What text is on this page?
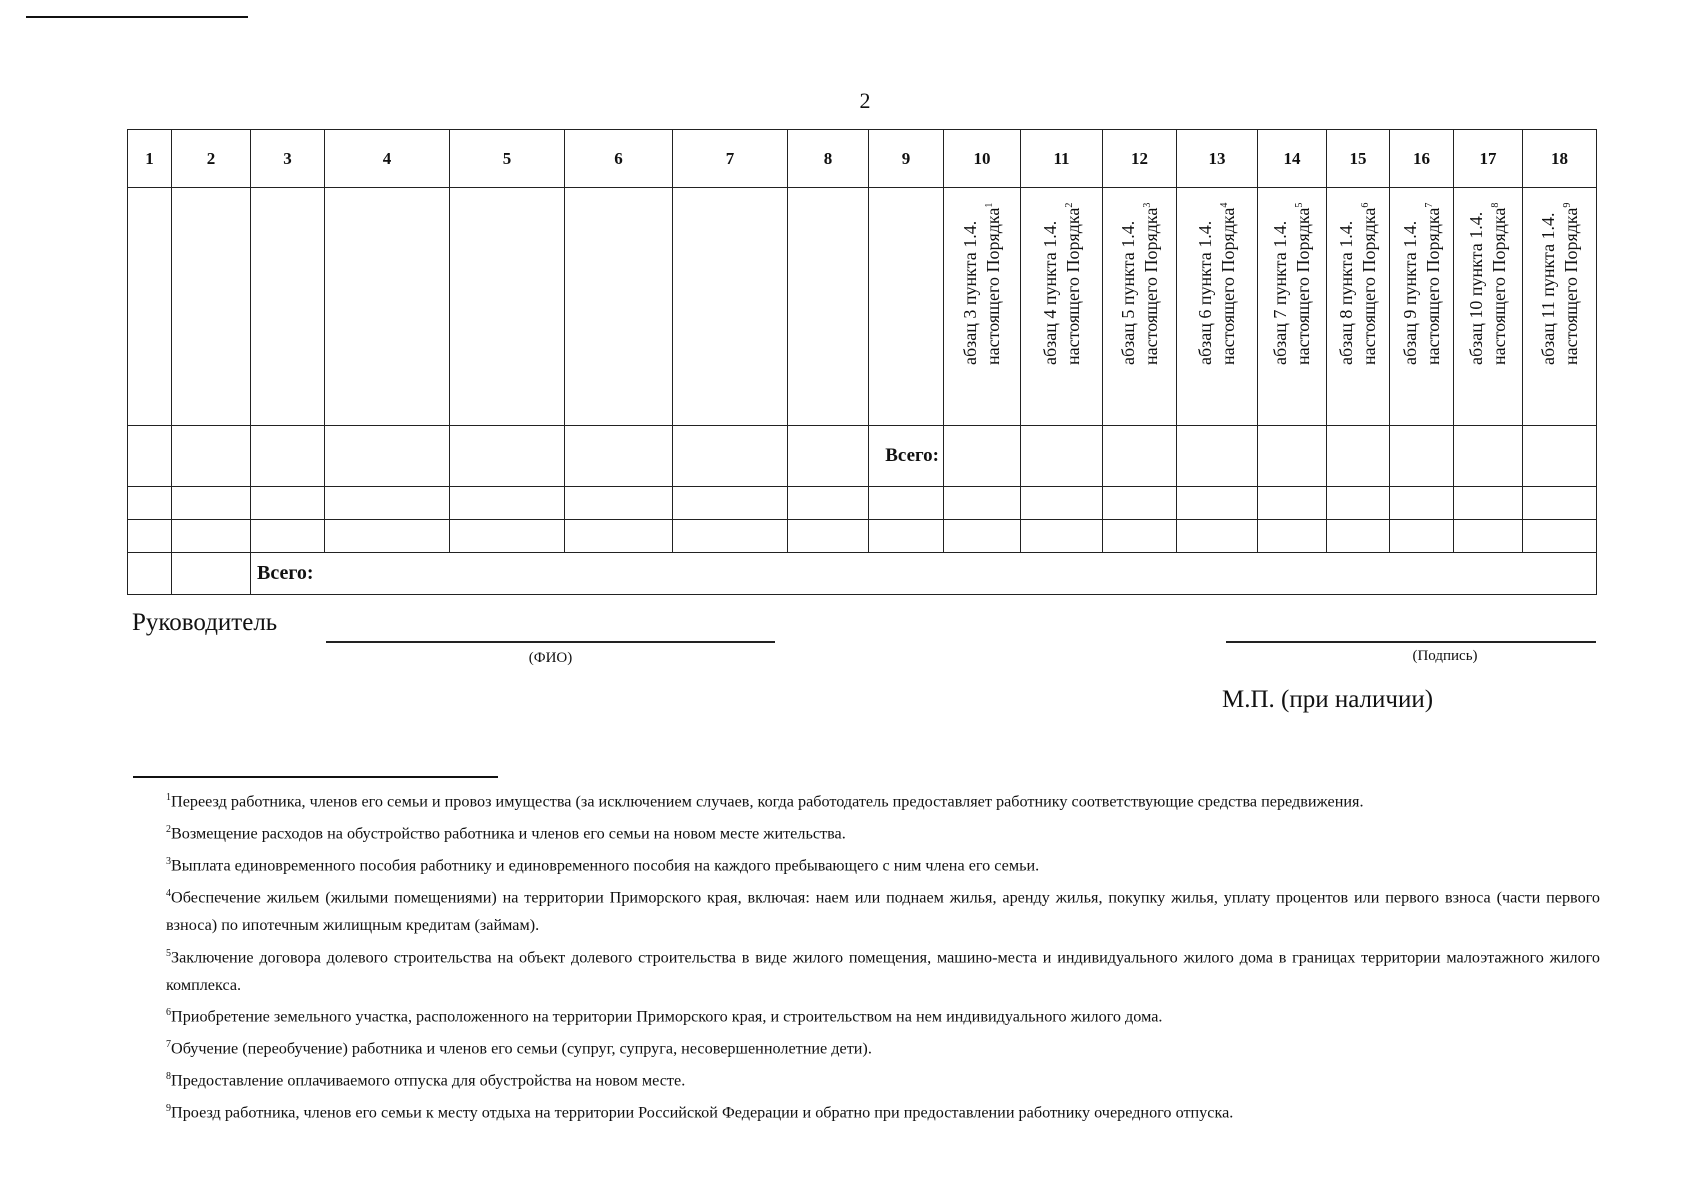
2
1	2	3	4	5	6	7	8	9	10	11	12	13	14	15	16	17	18

									абзац 3 пункта 1.4. настоящего Порядка$^1$	абзац 4 пункта 1.4. настоящего Порядка$^2$	абзац 5 пункта 1.4. настоящего Порядка$^3$	абзац 6 пункта 1.4. настоящего Порядка$^4$	абзац 7 пункта 1.4. настоящего Порядка$^5$	абзац 8 пункта 1.4. настоящего Порядка$^6$	абзац 9 пункта 1.4. настоящего Порядка$^7$	абзац 10 пункта 1.4. настоящего Порядка$^8$	абзац 11 пункта 1.4. настоящего Порядка$^9$

								Всего:									

		Всего:															
Руководитель
(ФИО)	(Подпись)
М.П. (при наличии)

$^1$Переезд работника, членов его семьи и провоз имущества (за исключением случаев, когда работодатель предоставляет работнику соответствующие средства передвижения.

$^2$Возмещение расходов на обустройство работника и членов его семьи на новом месте жительства.

$^3$Выплата единовременного пособия работнику и единовременного пособия на каждого пребывающего с ним члена его семьи.

$^4$Обеспечение жильем (жилыми помещениями) на территории Приморского края, включая: наем или поднаем жилья, аренду жилья, покупку жилья, уплату процентов или первого взноса (части первого взноса) по ипотечным жилищным кредитам (займам).

$^5$Заключение договора долевого строительства на объект долевого строительства в виде жилого помещения, машино-места и индивидуального жилого дома в границах территории малоэтажного жилого комплекса.

$^6$Приобретение земельного участка, расположенного на территории Приморского края, и строительством на нем индивидуального жилого дома.

$^7$Обучение (переобучение) работника и членов его семьи (супруг, супруга, несовершеннолетние дети).

$^8$Предоставление оплачиваемого отпуска для обустройства на новом месте.

$^9$Проезд работника, членов его семьи к месту отдыха на территории Российской Федерации и обратно при предоставлении работнику очередного отпуска.
